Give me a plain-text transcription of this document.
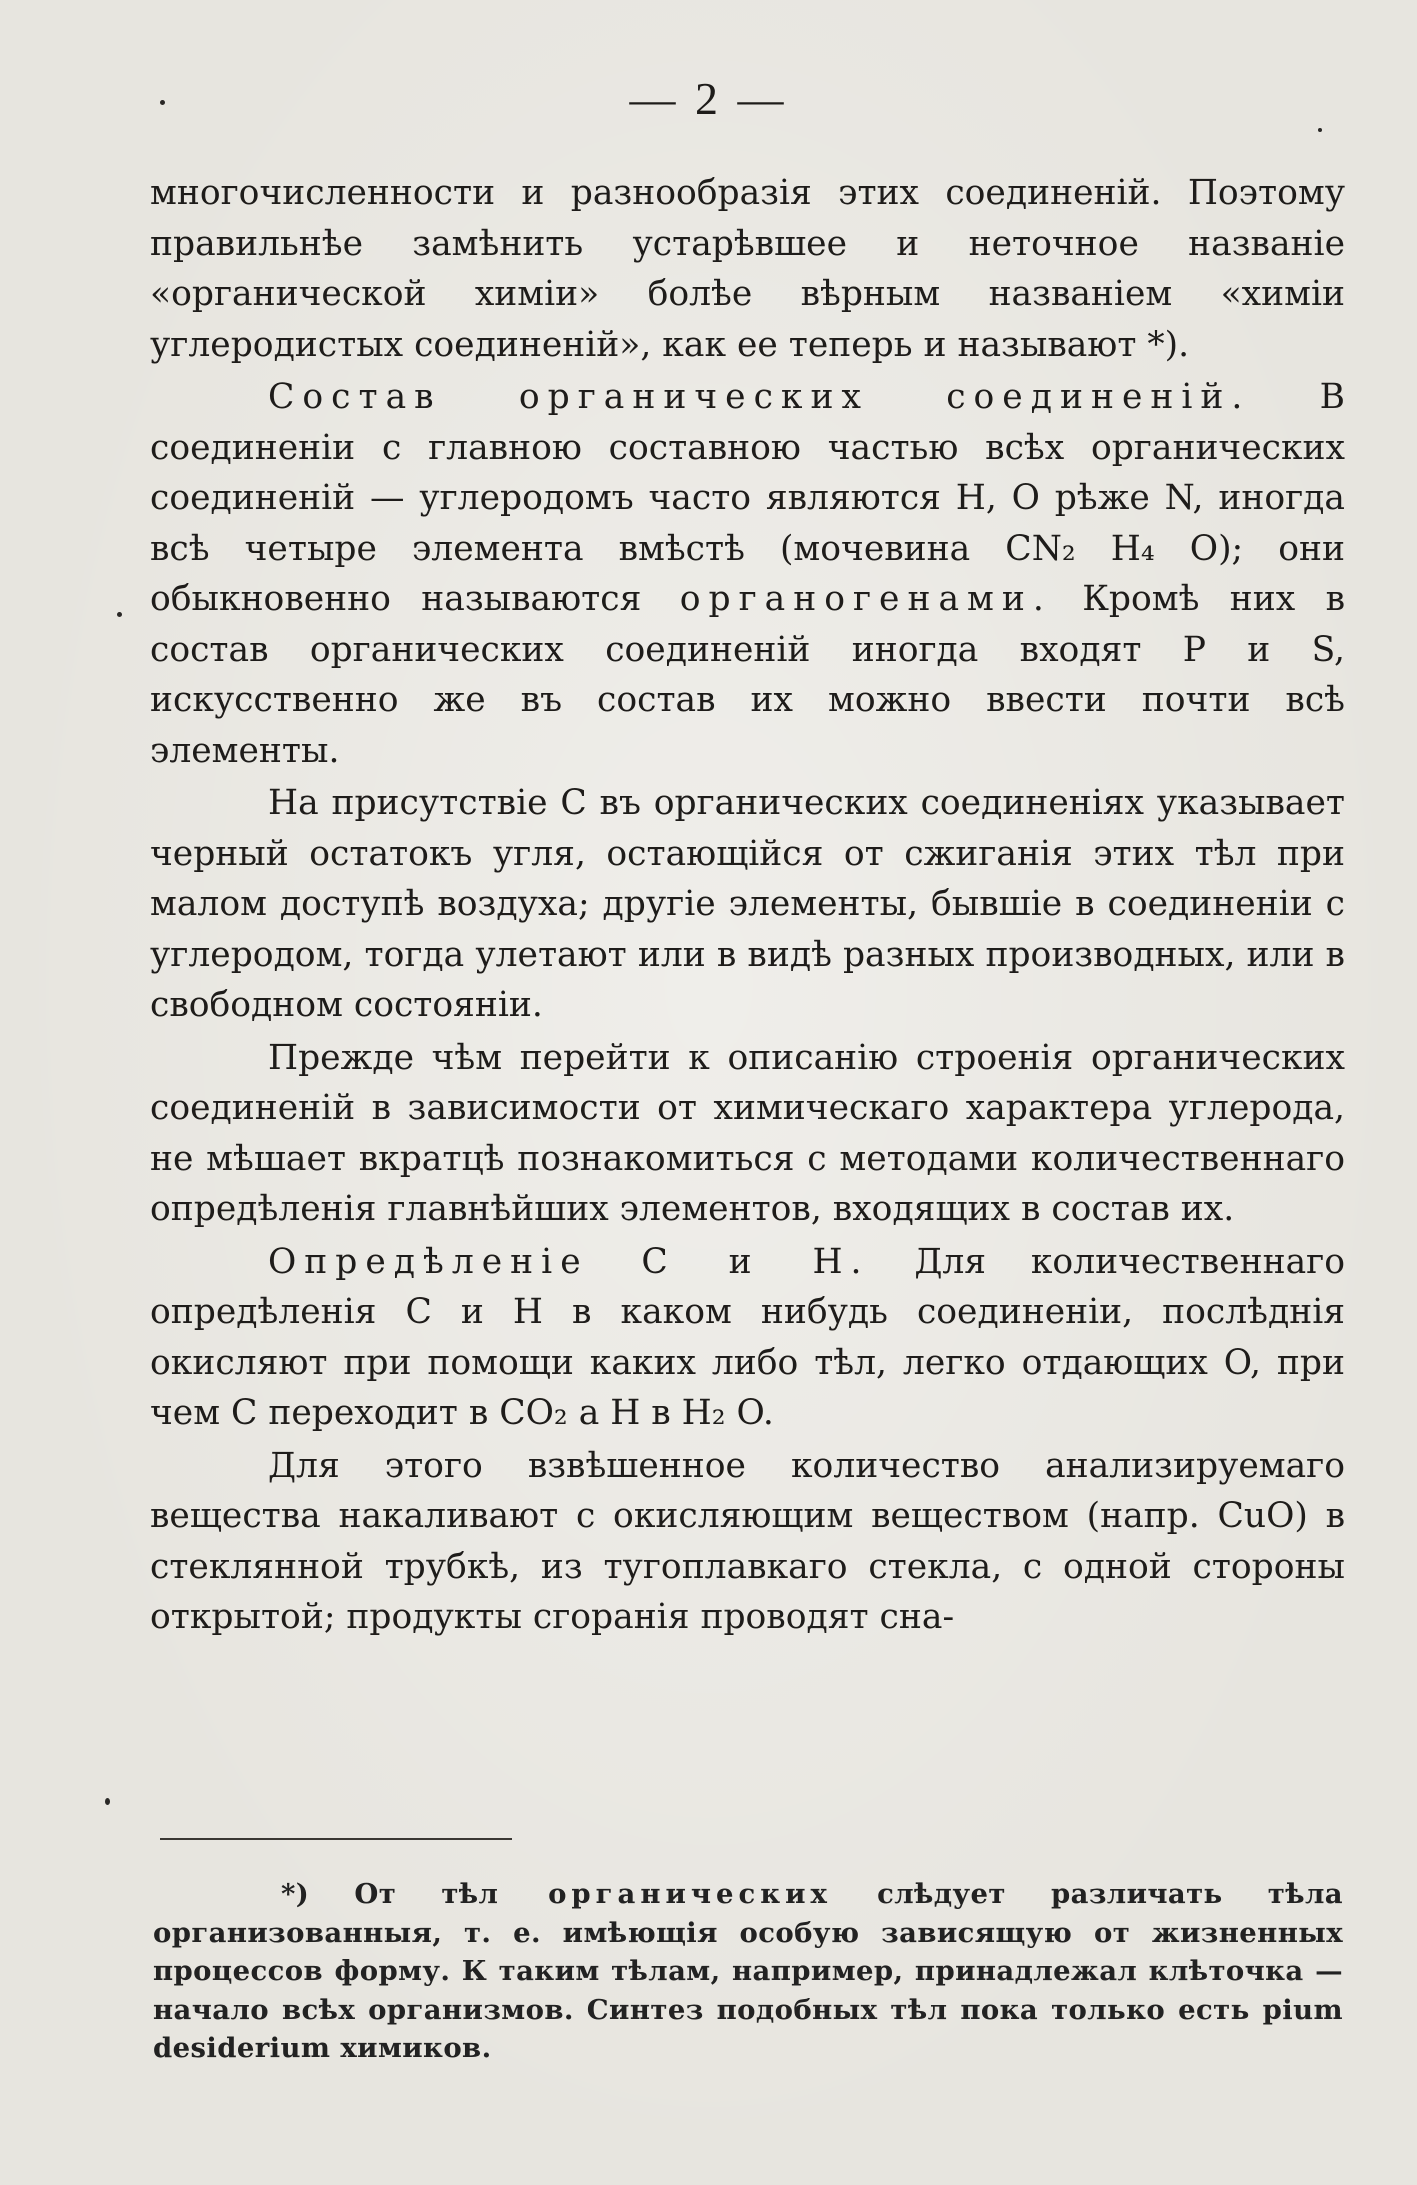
— 2 —

многочисленности и разнообразія этих соединеній. Поэтому правильнѣе замѣнить устарѣвшее и неточное названіе «органической химіи» болѣе вѣрным названіем «химіи углеродистых соединеній», как ее теперь и называют *).

Состав органических соединеній. В соединеніи с главною составною частью всѣх органических соединеній — углеродомъ часто являются H, O рѣже N, иногда всѣ четыре элемента вмѣстѣ (мочевина CN₂ H₄ O); они обыкновенно называются органогенами. Кромѣ них в состав органических соединеній иногда входят P и S, искусственно же въ состав их можно ввести почти всѣ элементы.

На присутствіе C въ органических соединеніях указывает черный остатокъ угля, остающійся от сжиганія этих тѣл при малом доступѣ воздуха; другіе элементы, бывшіе в соединеніи с углеродом, тогда улетают или в видѣ разных производных, или в свободном состояніи.

Прежде чѣм перейти к описанію строенія органических соединеній в зависимости от химическаго характера углерода, не мѣшает вкратцѣ познакомиться с методами количественнаго опредѣленія главнѣйших элементов, входящих в состав их.

Опредѣленіе C и H. Для количественнаго опредѣленія C и H в каком нибудь соединеніи, послѣднія окисляют при помощи каких либо тѣл, легко отдающих O, при чем C переходит в CO₂ а H в H₂ O.

Для этого взвѣшенное количество анализируемаго вещества накаливают с окисляющим веществом (напр. CuO) в стеклянной трубкѣ, из тугоплавкаго стекла, с одной стороны открытой; продукты сгоранія проводят сна-

*) От тѣл органических слѣдует различать тѣла организованныя, т. е. имѣющія особую зависящую от жизненных процессов форму. К таким тѣлам, например, принадлежал клѣточка — начало всѣх организмов. Синтез подобных тѣл пока только есть pium desiderium химиков.
